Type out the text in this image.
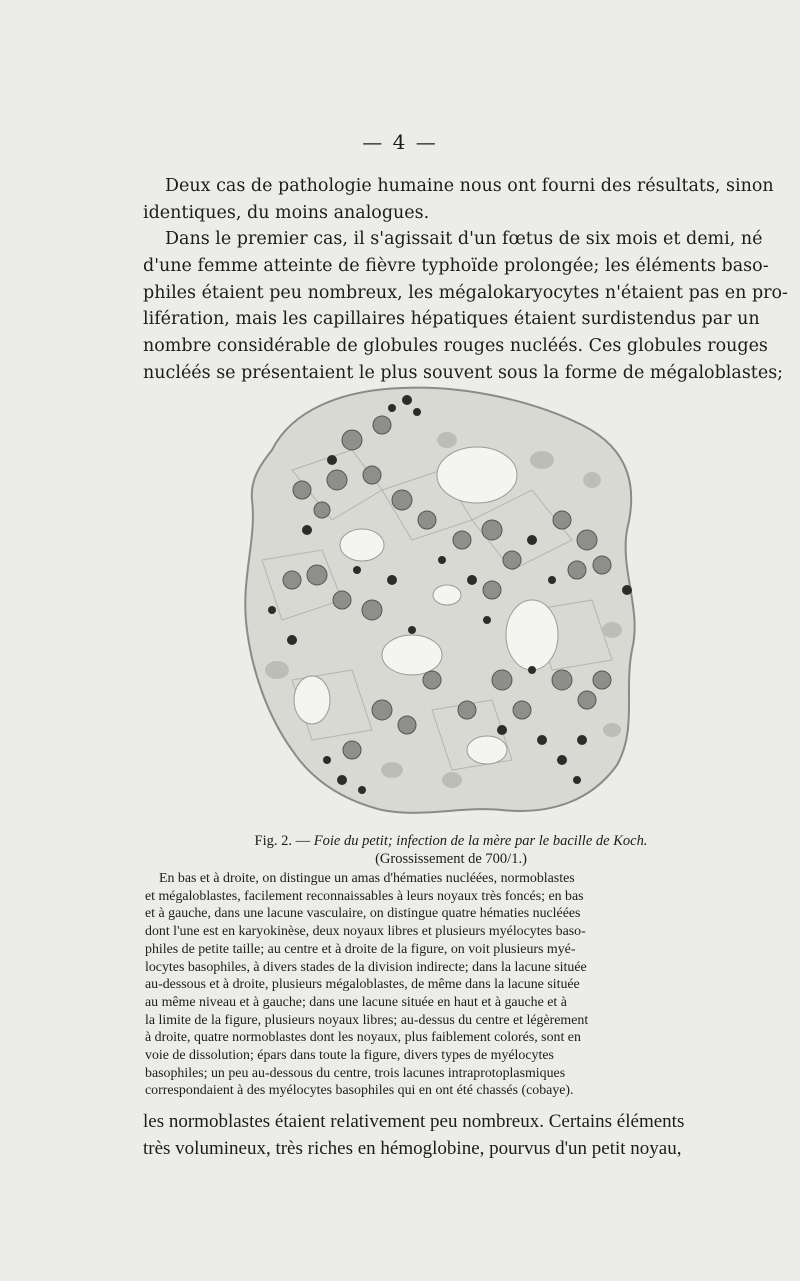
— 4 —
Deux cas de pathologie humaine nous ont fourni des résultats, sinon
identiques, du moins analogues.
Dans le premier cas, il s'agissait d'un fœtus de six mois et demi, né
d'une femme atteinte de fièvre typhoïde prolongée; les éléments baso-
philes étaient peu nombreux, les mégalokaryocytes n'étaient pas en pro-
lifération, mais les capillaires hépatiques étaient surdistendus par un
nombre considérable de globules rouges nucléés. Ces globules rouges
nucléés se présentaient le plus souvent sous la forme de mégaloblastes;
Fig. 2. — Foie du petit; infection de la mère par le bacille de Koch.
(Grossissement de 700/1.)
En bas et à droite, on distingue un amas d'hématies nucléées, normoblastes
et mégaloblastes, facilement reconnaissables à leurs noyaux très foncés; en bas
et à gauche, dans une lacune vasculaire, on distingue quatre hématies nucléées
dont l'une est en karyokinèse, deux noyaux libres et plusieurs myélocytes baso-
philes de petite taille; au centre et à droite de la figure, on voit plusieurs myé-
locytes basophiles, à divers stades de la division indirecte; dans la lacune située
au-dessous et à droite, plusieurs mégaloblastes, de même dans la lacune située
au même niveau et à gauche; dans une lacune située en haut et à gauche et à
la limite de la figure, plusieurs noyaux libres; au-dessus du centre et légèrement
à droite, quatre normoblastes dont les noyaux, plus faiblement colorés, sont en
voie de dissolution; épars dans toute la figure, divers types de myélocytes
basophiles; un peu au-dessous du centre, trois lacunes intraprotoplasmiques
correspondaient à des myélocytes basophiles qui en ont été chassés (cobaye).
les normoblastes étaient relativement peu nombreux. Certains éléments
très volumineux, très riches en hémoglobine, pourvus d'un petit noyau,
